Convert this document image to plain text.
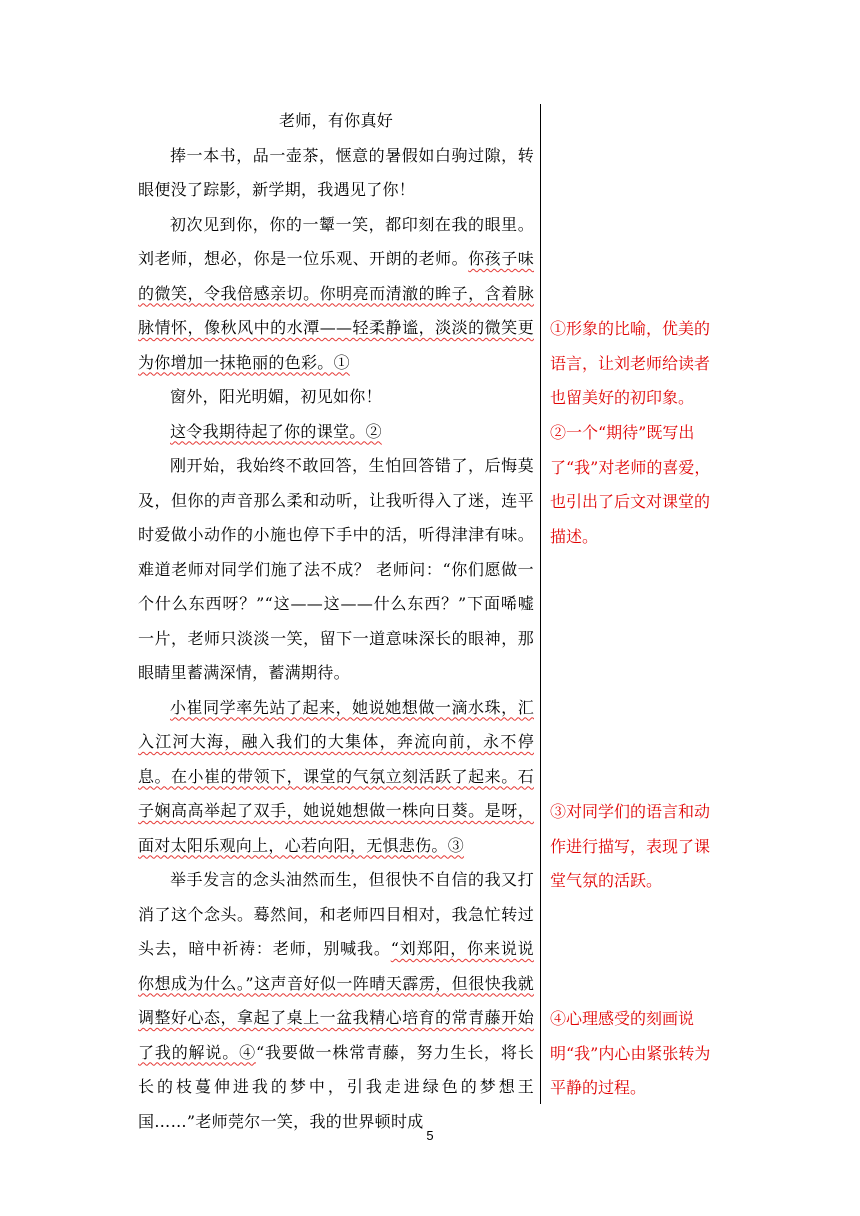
老师，有你真好

捧一本书，品一壶茶，惬意的暑假如白驹过隙，转眼便没了踪影，新学期，我遇见了你！

初次见到你，你的一颦一笑，都印刻在我的眼里。刘老师，想必，你是一位乐观、开朗的老师。你孩子味的微笑，令我倍感亲切。你明亮而清澈的眸子，含着脉脉情怀，像秋风中的水潭——轻柔静谧，淡淡的微笑更为你增加一抹艳丽的色彩。①

窗外，阳光明媚，初见如你！

这令我期待起了你的课堂。②

刚开始，我始终不敢回答，生怕回答错了，后悔莫及，但你的声音那么柔和动听，让我听得入了迷，连平时爱做小动作的小施也停下手中的活，听得津津有味。难道老师对同学们施了法不成？ 老师问：“你们愿做一个什么东西呀？”“这——这——什么东西？”下面唏嘘一片，老师只淡淡一笑，留下一道意味深长的眼神，那眼睛里蓄满深情，蓄满期待。

小崔同学率先站了起来，她说她想做一滴水珠，汇入江河大海，融入我们的大集体，奔流向前，永不停息。在小崔的带领下，课堂的气氛立刻活跃了起来。石子娴高高举起了双手，她说她想做一株向日葵。是呀，面对太阳乐观向上，心若向阳，无惧悲伤。③

举手发言的念头油然而生，但很快不自信的我又打消了这个念头。蓦然间，和老师四目相对，我急忙转过头去，暗中祈祷：老师，别喊我。“刘郑阳，你来说说你想成为什么。”这声音好似一阵晴天霹雳，但很快我就调整好心态，拿起了桌上一盆我精心培育的常青藤开始了我的解说。④“我要做一株常青藤，努力生长，将长长的枝蔓伸进我的梦中，引我走进绿色的梦想王国……”老师莞尔一笑，我的世界顿时成

①形象的比喻，优美的语言，让刘老师给读者也留美好的初印象。

②一个“期待”既写出了“我”对老师的喜爱，也引出了后文对课堂的描述。

③对同学们的语言和动作进行描写，表现了课堂气氛的活跃。

④心理感受的刻画说明“我”内心由紧张转为平静的过程。

5
